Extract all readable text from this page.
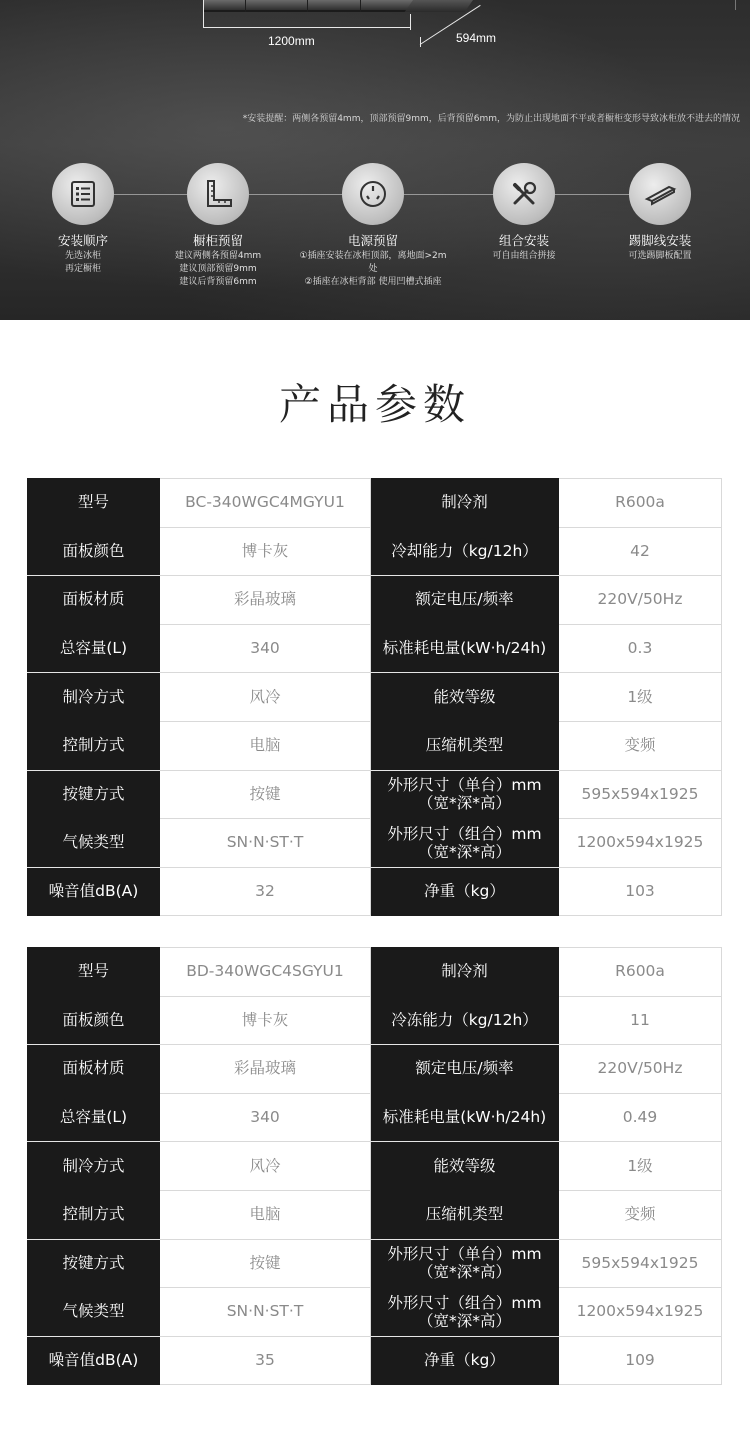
1200mm	594mm
*安装提醒：两侧各预留4mm，顶部预留9mm，后背预留6mm，为防止出现地面不平或者橱柜变形导致冰柜放不进去的情况
安装顺序
先选冰柜
再定橱柜
橱柜预留
建议两侧各预留4mm
建议顶部预留9mm
建议后背预留6mm
电源预留
①插座安装在冰柜顶部，离地面>2m处
②插座在冰柜背部 使用凹槽式插座
组合安装
可自由组合拼接
踢脚线安装
可选踢脚板配置
产品参数
型号	BC-340WGC4MGYU1	制冷剂	R600a
面板颜色	博卡灰	冷却能力（kg/12h）	42
面板材质	彩晶玻璃	额定电压/频率	220V/50Hz
总容量(L)	340	标准耗电量(kW·h/24h)	0.3
制冷方式	风冷	能效等级	1级
控制方式	电脑	压缩机类型	变频
按键方式	按键	外形尺寸（单台）mm
（宽*深*高）	595x594x1925
气候类型	SN·N·ST·T	外形尺寸（组合）mm
（宽*深*高）	1200x594x1925
噪音值dB(A)	32	净重（kg）	103
型号	BD-340WGC4SGYU1	制冷剂	R600a
面板颜色	博卡灰	冷冻能力（kg/12h）	11
面板材质	彩晶玻璃	额定电压/频率	220V/50Hz
总容量(L)	340	标准耗电量(kW·h/24h)	0.49
制冷方式	风冷	能效等级	1级
控制方式	电脑	压缩机类型	变频
按键方式	按键	外形尺寸（单台）mm
（宽*深*高）	595x594x1925
气候类型	SN·N·ST·T	外形尺寸（组合）mm
（宽*深*高）	1200x594x1925
噪音值dB(A)	35	净重（kg）	109
